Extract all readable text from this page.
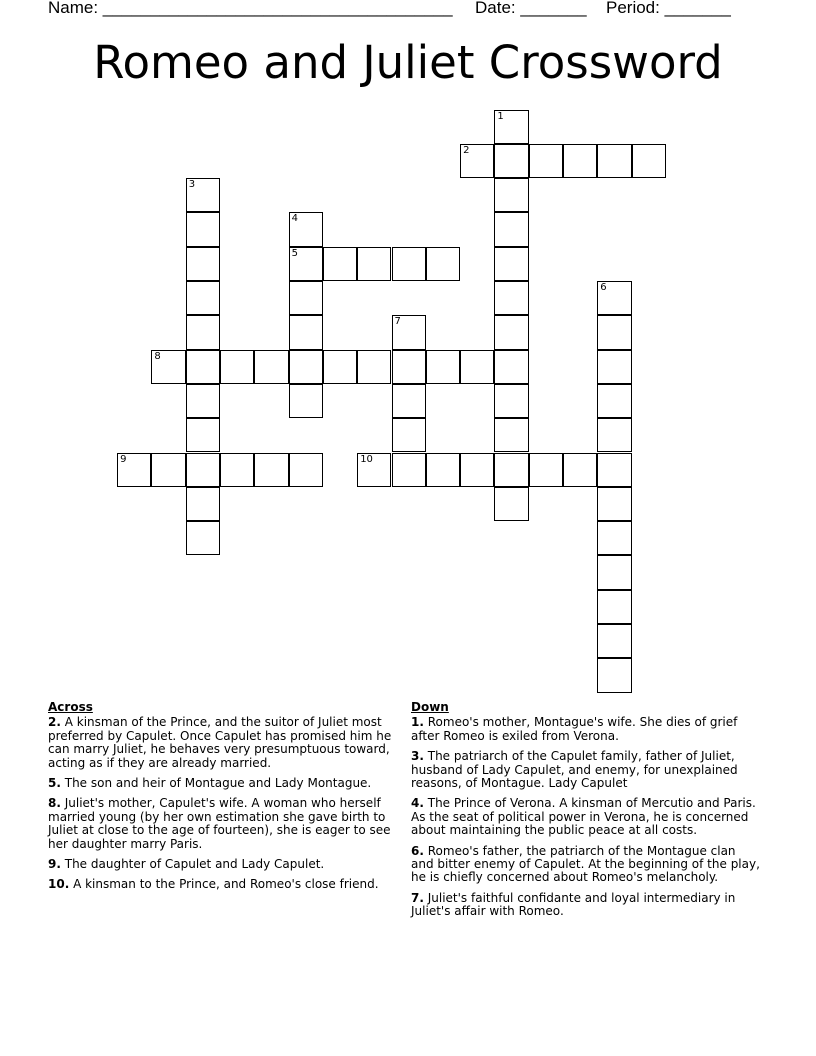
Name: _____________________________________ Date: _______ Period: _______
Romeo and Juliet Crossword
1
2
3
4
5
6
7
8
9	10
Across
2. A kinsman of the Prince, and the suitor of Juliet most preferred by Capulet. Once Capulet has promised him he can marry Juliet, he behaves very presumptuous toward, acting as if they are already married.
5. The son and heir of Montague and Lady Montague.
8. Juliet's mother, Capulet's wife. A woman who herself married young (by her own estimation she gave birth to Juliet at close to the age of fourteen), she is eager to see her daughter marry Paris.
9. The daughter of Capulet and Lady Capulet.
10. A kinsman to the Prince, and Romeo's close friend.
Down
1. Romeo's mother, Montague's wife. She dies of grief after Romeo is exiled from Verona.
3. The patriarch of the Capulet family, father of Juliet, husband of Lady Capulet, and enemy, for unexplained reasons, of Montague. Lady Capulet
4. The Prince of Verona. A kinsman of Mercutio and Paris. As the seat of political power in Verona, he is concerned about maintaining the public peace at all costs.
6. Romeo's father, the patriarch of the Montague clan and bitter enemy of Capulet. At the beginning of the play, he is chiefly concerned about Romeo's melancholy.
7. Juliet's faithful confidante and loyal intermediary in Juliet's affair with Romeo.
